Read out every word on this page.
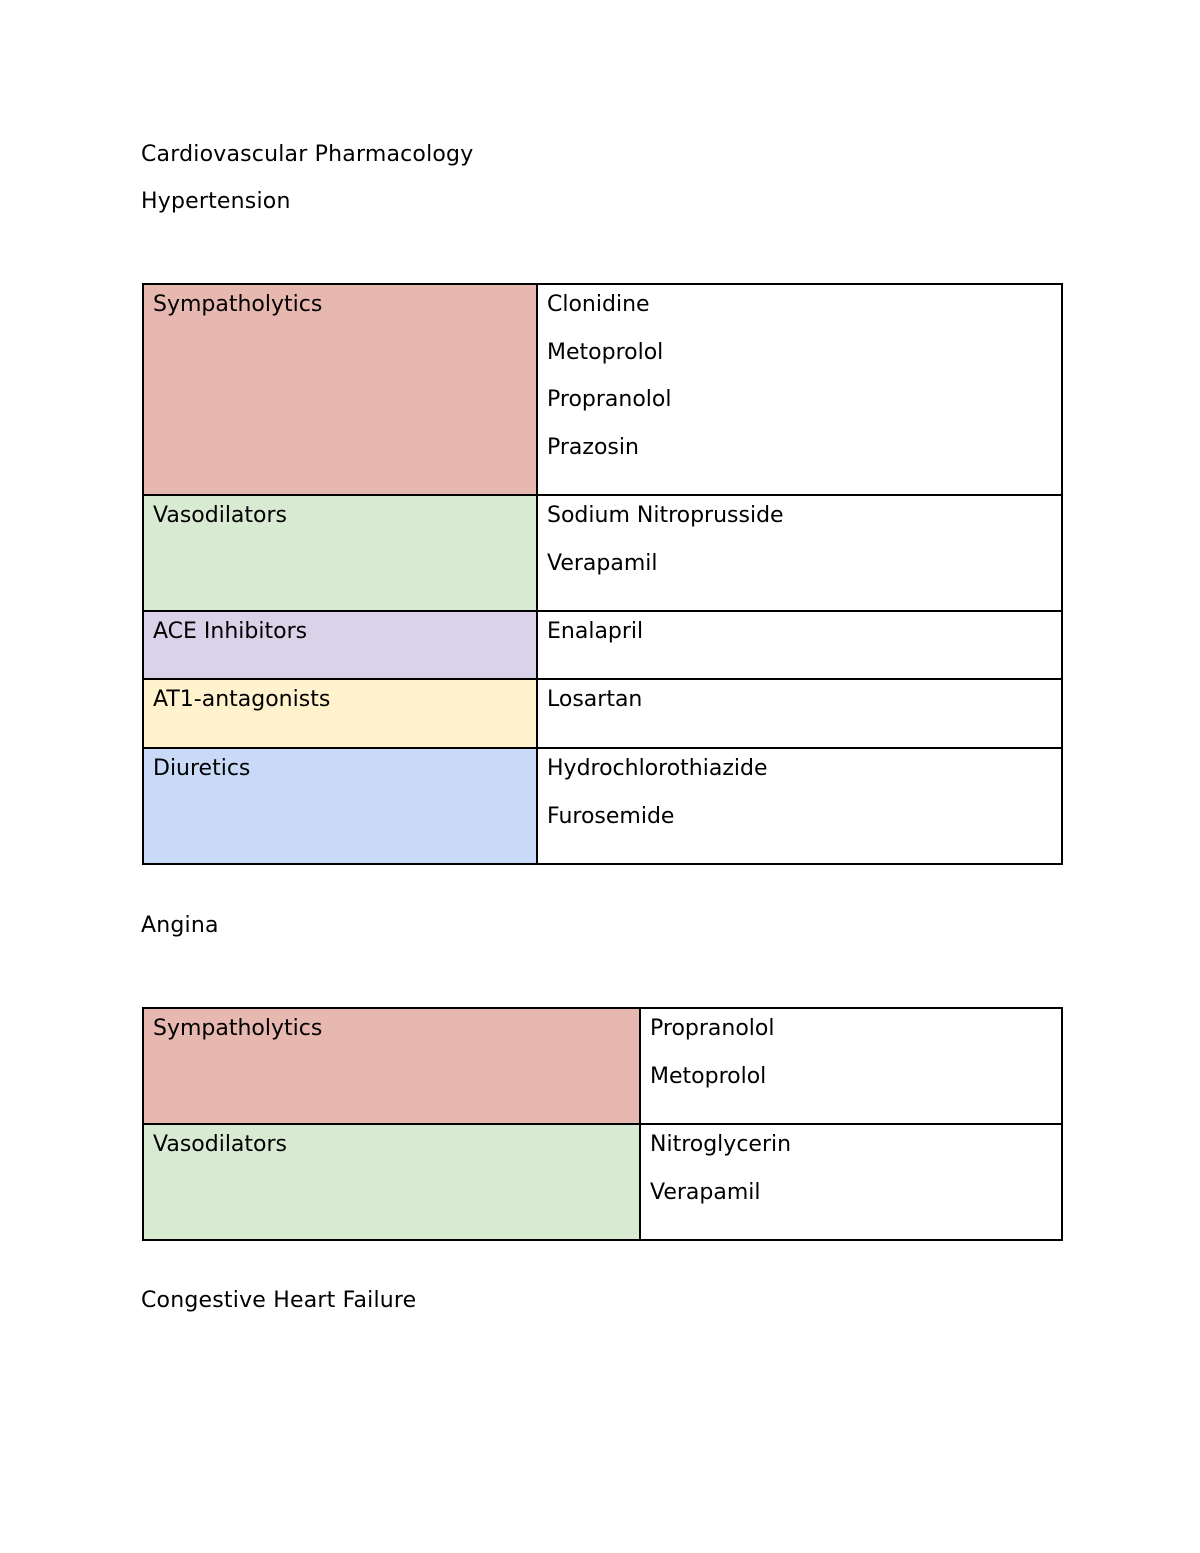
Cardiovascular Pharmacology
Hypertension
Sympatholytics	Clonidine
Metoprolol
Propranolol
Prazosin

Vasodilators	Sodium Nitroprusside
Verapamil

ACE Inhibitors	Enalapril

AT1-antagonists	Losartan

Diuretics	Hydrochlorothiazide
Furosemide
Angina
Sympatholytics	Propranolol
Metoprolol

Vasodilators	Nitroglycerin
Verapamil
Congestive Heart Failure
